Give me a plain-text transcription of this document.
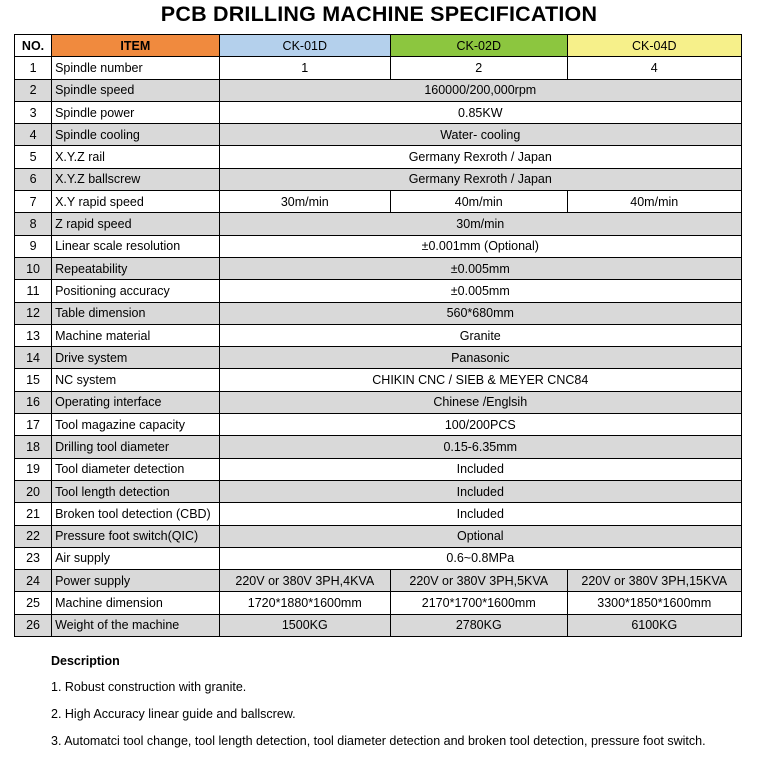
PCB DRILLING MACHINE SPECIFICATION
NO.	ITEM	CK-01D	CK-02D	CK-04D
1	Spindle number	1	2	4
2	Spindle speed	160000/200,000rpm		
3	Spindle power	0.85KW		
4	Spindle cooling	Water- cooling		
5	X.Y.Z rail	Germany Rexroth / Japan		
6	X.Y.Z ballscrew	Germany Rexroth / Japan		
7	X.Y rapid speed	30m/min	40m/min	40m/min
8	Z rapid speed	30m/min		
9	Linear scale resolution	±0.001mm (Optional)		
10	Repeatability	±0.005mm		
11	Positioning accuracy	±0.005mm		
12	Table dimension	560*680mm		
13	Machine material	Granite		
14	Drive system	Panasonic		
15	NC system	CHIKIN CNC / SIEB & MEYER CNC84		
16	Operating interface	Chinese /Englsih		
17	Tool magazine capacity	100/200PCS		
18	Drilling tool diameter	0.15-6.35mm		
19	Tool diameter detection	Included		
20	Tool length detection	Included		
21	Broken tool detection (CBD)	Included		
22	Pressure foot switch(QIC)	Optional		
23	Air supply	0.6~0.8MPa		
24	Power supply	220V or 380V 3PH,4KVA	220V or 380V 3PH,5KVA	220V or 380V 3PH,15KVA
25	Machine dimension	1720*1880*1600mm	2170*1700*1600mm	3300*1850*1600mm
26	Weight of the machine	1500KG	2780KG	6100KG
Description
1. Robust construction with granite.
2. High Accuracy linear guide and ballscrew.
3. Automatci tool change, tool length detection, tool diameter detection and broken tool detection, pressure foot switch.
